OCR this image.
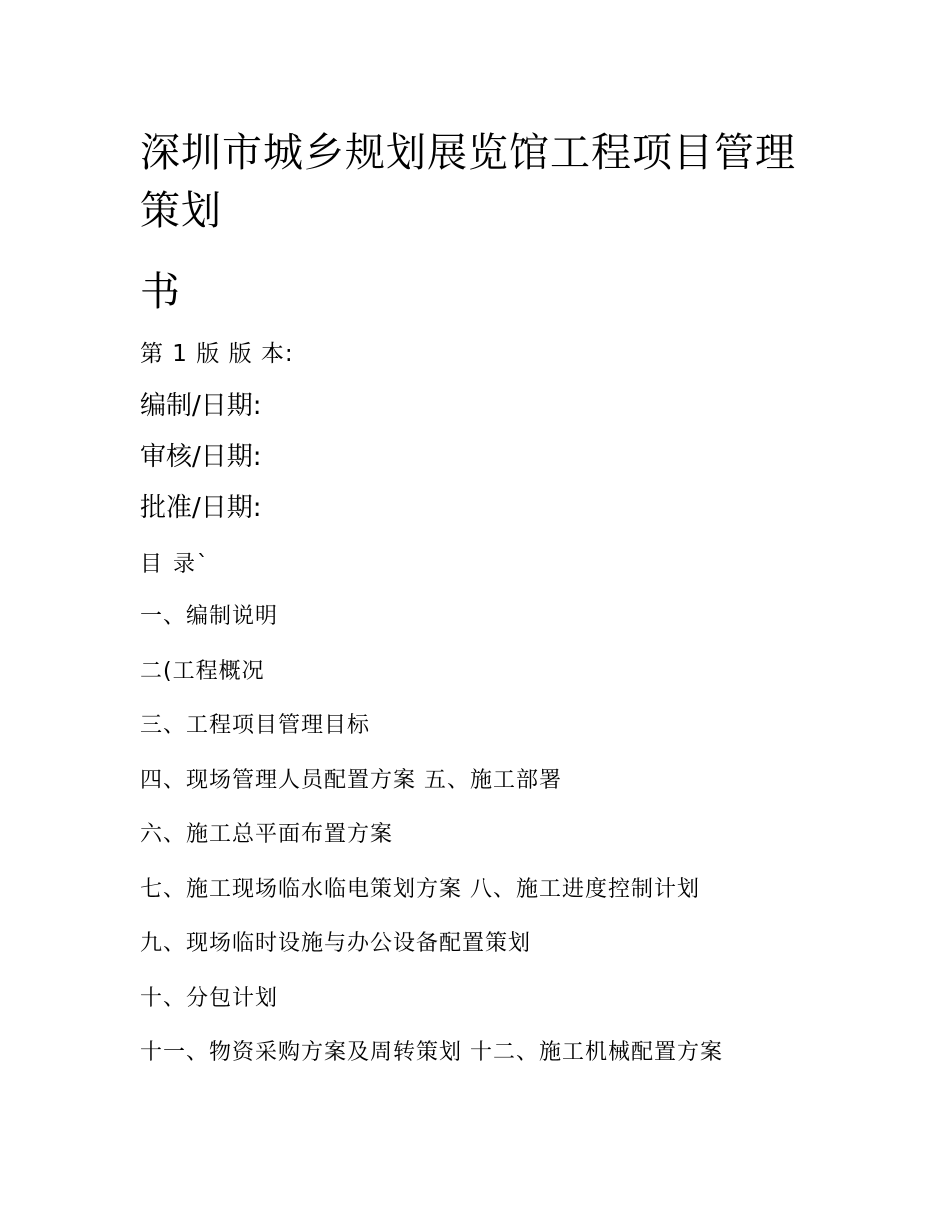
深圳市城乡规划展览馆工程项目管理
策划
书
第 1 版 版 本:
编制/日期:
审核/日期:
批准/日期:
目 录`
一、编制说明
二(工程概况
三、工程项目管理目标
四、现场管理人员配置方案 五、施工部署
六、施工总平面布置方案
七、施工现场临水临电策划方案 八、施工进度控制计划
九、现场临时设施与办公设备配置策划
十、分包计划
十一、物资采购方案及周转策划 十二、施工机械配置方案
